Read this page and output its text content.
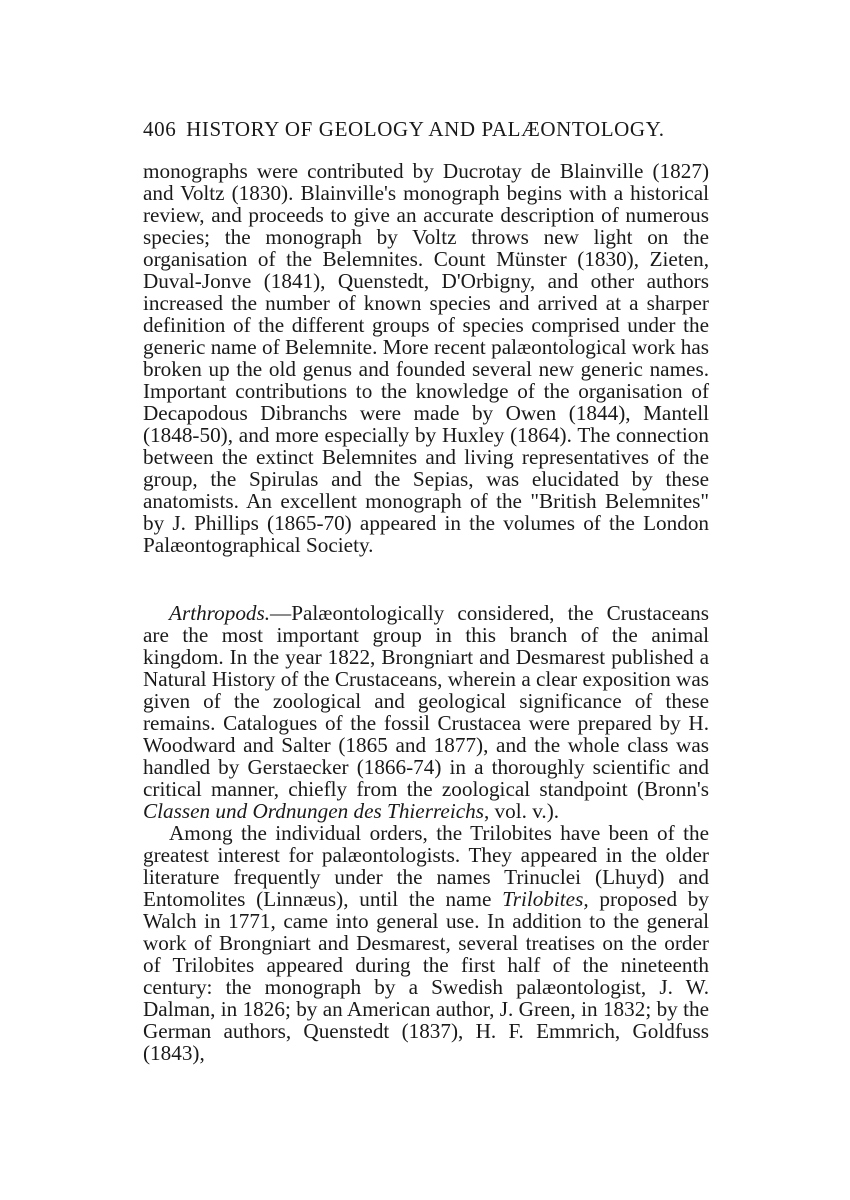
406 HISTORY OF GEOLOGY AND PALÆONTOLOGY.

monographs were contributed by Ducrotay de Blainville (1827) and Voltz (1830). Blainville's monograph begins with a historical review, and proceeds to give an accurate description of numerous species; the monograph by Voltz throws new light on the organisation of the Belemnites. Count Münster (1830), Zieten, Duval-Jonve (1841), Quenstedt, D'Orbigny, and other authors increased the number of known species and arrived at a sharper definition of the different groups of species comprised under the generic name of Belemnite. More recent palæontological work has broken up the old genus and founded several new generic names. Important contributions to the knowledge of the organisation of Decapodous Dibranchs were made by Owen (1844), Mantell (1848-50), and more especially by Huxley (1864). The connection between the extinct Belemnites and living representatives of the group, the Spirulas and the Sepias, was elucidated by these anatomists. An excellent monograph of the "British Belemnites" by J. Phillips (1865-70) appeared in the volumes of the London Palæontographical Society.

Arthropods.—Palæontologically considered, the Crustaceans are the most important group in this branch of the animal kingdom. In the year 1822, Brongniart and Desmarest published a Natural History of the Crustaceans, wherein a clear exposition was given of the zoological and geological significance of these remains. Catalogues of the fossil Crustacea were prepared by H. Woodward and Salter (1865 and 1877), and the whole class was handled by Gerstaecker (1866-74) in a thoroughly scientific and critical manner, chiefly from the zoological standpoint (Bronn's Classen und Ordnungen des Thierreichs, vol. v.).

Among the individual orders, the Trilobites have been of the greatest interest for palæontologists. They appeared in the older literature frequently under the names Trinuclei (Lhuyd) and Entomolites (Linnæus), until the name Trilobites, proposed by Walch in 1771, came into general use. In addition to the general work of Brongniart and Desmarest, several treatises on the order of Trilobites appeared during the first half of the nineteenth century: the monograph by a Swedish palæontologist, J. W. Dalman, in 1826; by an American author, J. Green, in 1832; by the German authors, Quenstedt (1837), H. F. Emmrich, Goldfuss (1843),
